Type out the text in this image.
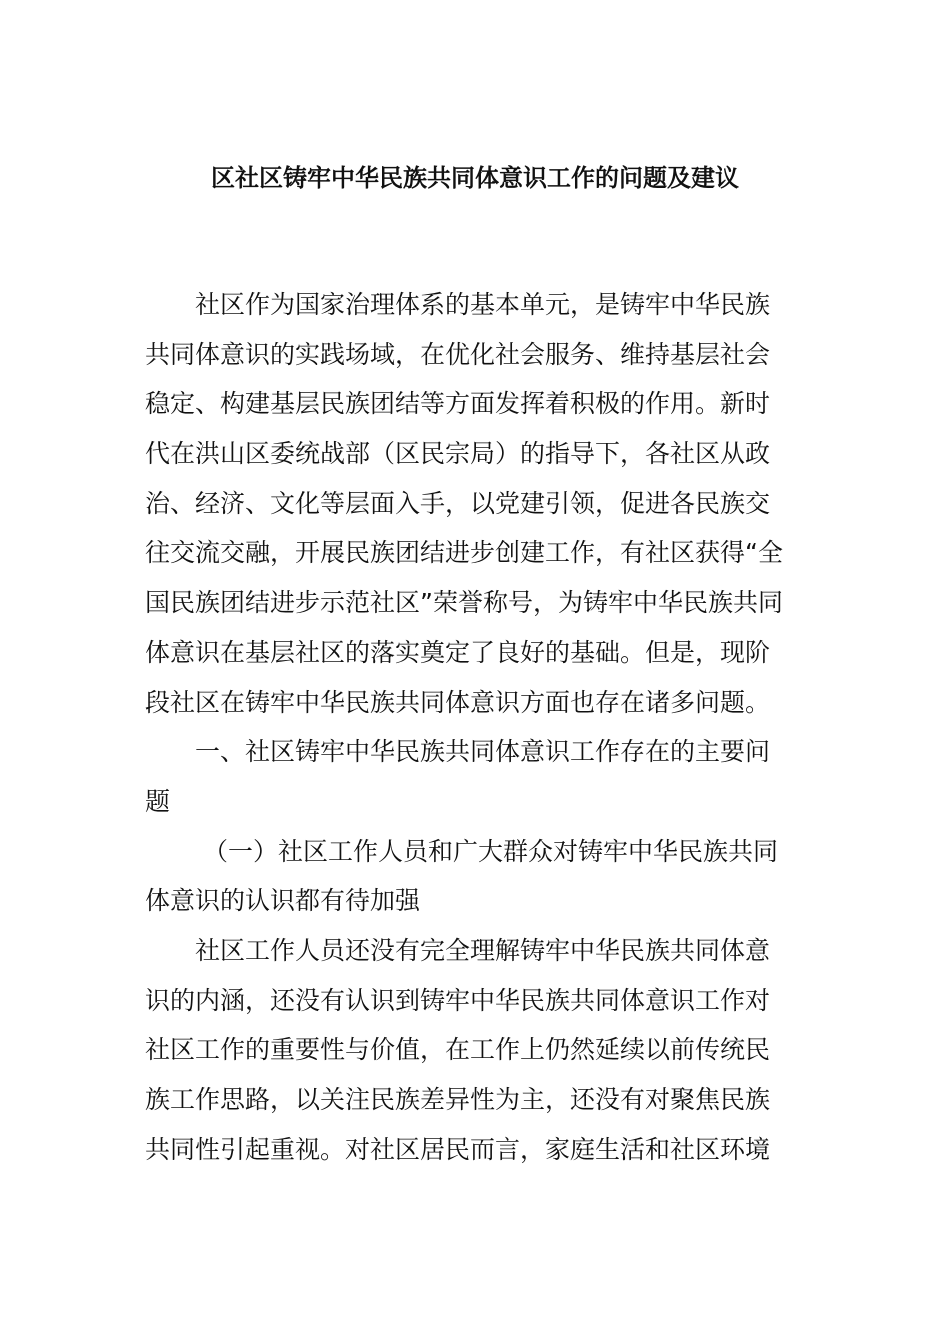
区社区铸牢中华民族共同体意识工作的问题及建议
社区作为国家治理体系的基本单元，是铸牢中华民族
共同体意识的实践场域，在优化社会服务、维持基层社会
稳定、构建基层民族团结等方面发挥着积极的作用。新时
代在洪山区委统战部（区民宗局）的指导下，各社区从政
治、经济、文化等层面入手，以党建引领，促进各民族交
往交流交融，开展民族团结进步创建工作，有社区获得“全
国民族团结进步示范社区”荣誉称号，为铸牢中华民族共同
体意识在基层社区的落实奠定了良好的基础。但是，现阶
段社区在铸牢中华民族共同体意识方面也存在诸多问题。
一、社区铸牢中华民族共同体意识工作存在的主要问
题
（一）社区工作人员和广大群众对铸牢中华民族共同
体意识的认识都有待加强
社区工作人员还没有完全理解铸牢中华民族共同体意
识的内涵，还没有认识到铸牢中华民族共同体意识工作对
社区工作的重要性与价值，在工作上仍然延续以前传统民
族工作思路，以关注民族差异性为主，还没有对聚焦民族
共同性引起重视。对社区居民而言，家庭生活和社区环境
